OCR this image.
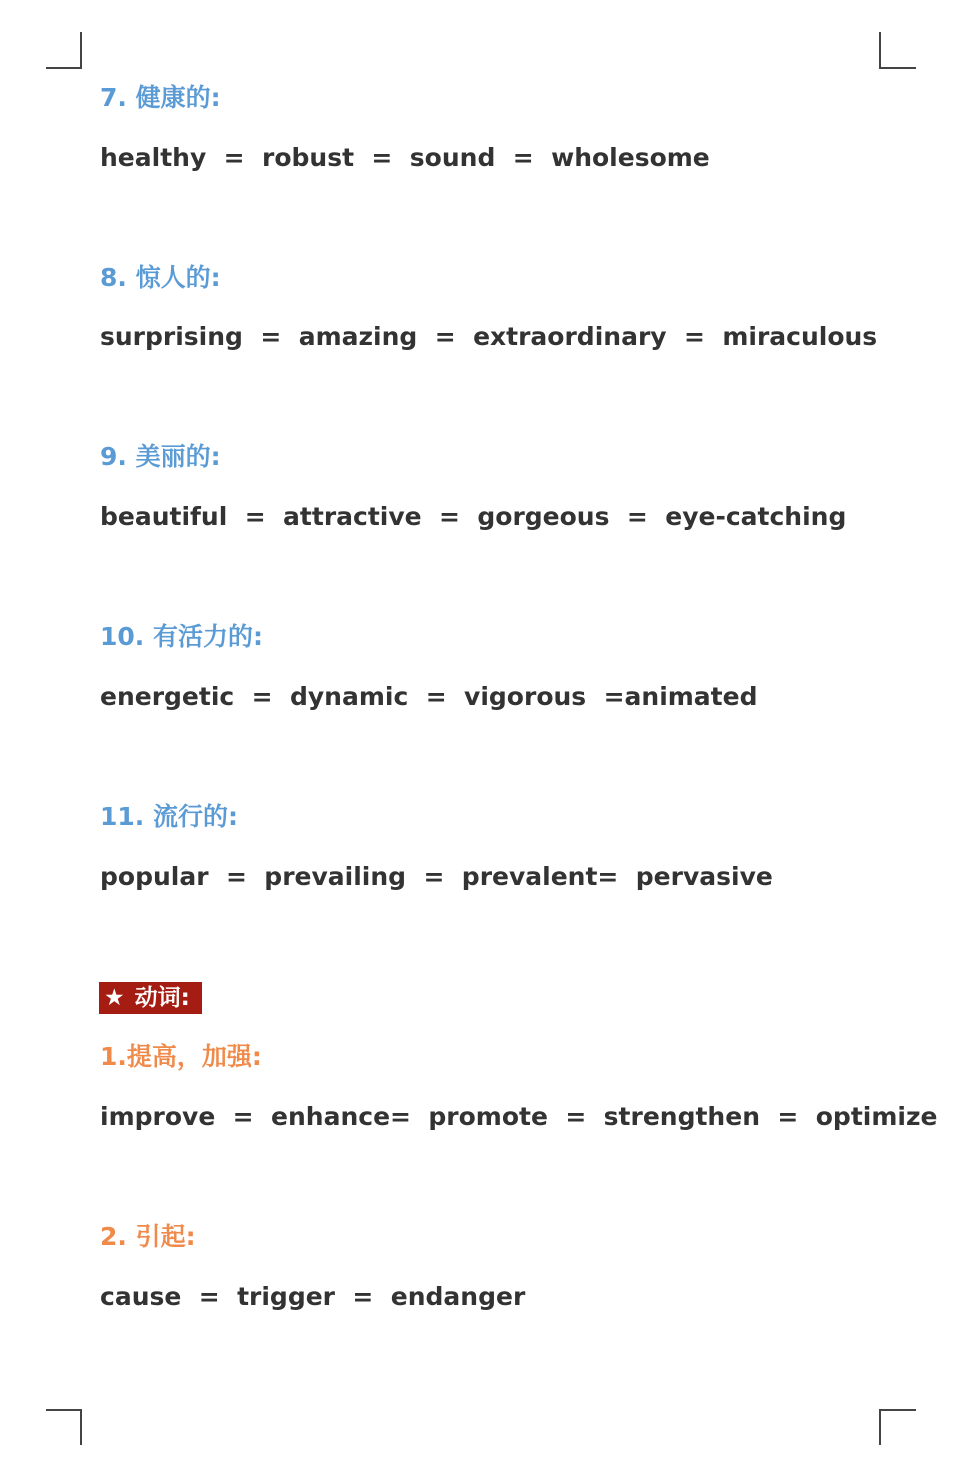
7. 健康的:
healthy  =  robust  =  sound  =  wholesome
8. 惊人的:
surprising  =  amazing  =  extraordinary  =  miraculous
9. 美丽的:
beautiful  =  attractive  =  gorgeous  =  eye-catching
10. 有活力的:
energetic  =  dynamic  =  vigorous  =animated
11. 流行的:
popular  =  prevailing  =  prevalent=  pervasive
★ 动词:
1.提高，加强:
improve  =  enhance=  promote  =  strengthen  =  optimize
2. 引起:
cause  =  trigger  =  endanger
